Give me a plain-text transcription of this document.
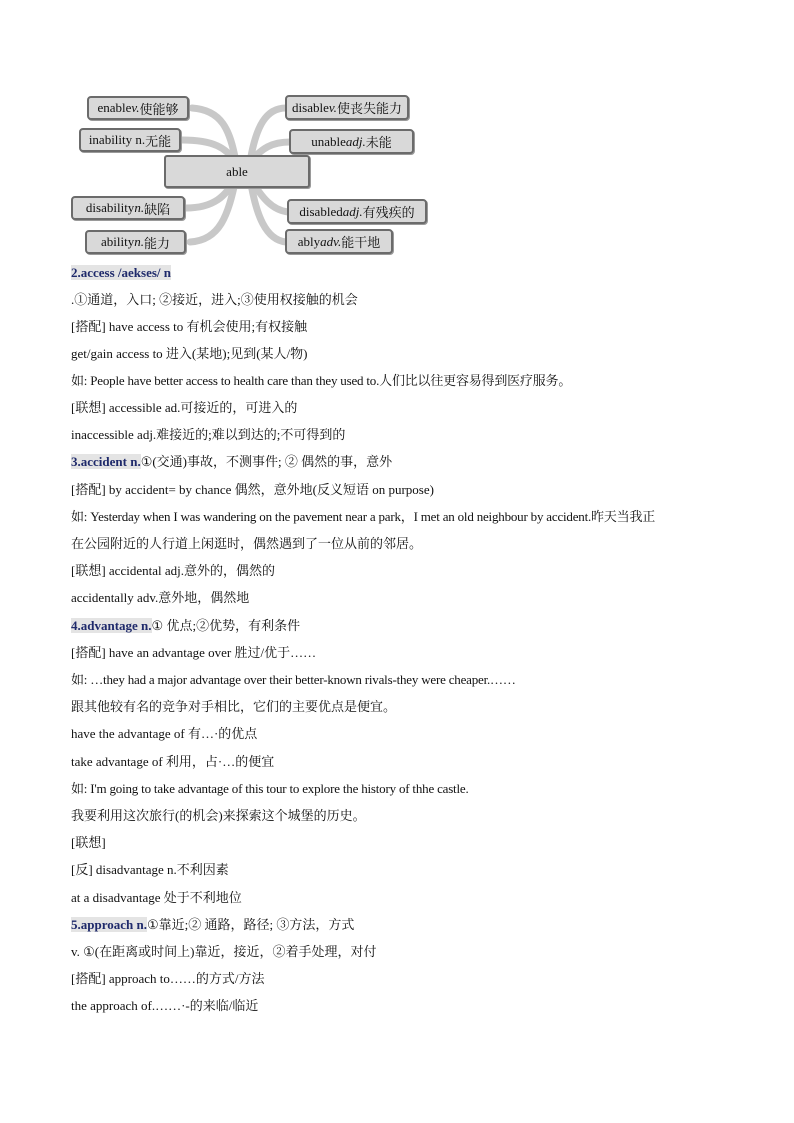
enable v. 使能够
inability n. 无能
able
disability n. 缺陷
ability n. 能力
disable v. 使丧失能力
unable adj. 未能
disabled adj. 有残疾的
ably adv. 能干地
2.access /aekses/ n
.①通道，入口; ②接近，进入;③使用权接触的机会
[搭配] have access to 有机会使用;有权接触
get/gain access to 进入(某地);见到(某人/物)
如: People have better access to health care than they used to.人们比以往更容易得到医疗服务。
[联想] accessible ad.可接近的，可进入的
inaccessible adj.难接近的;难以到达的;不可得到的
3.accident n.①(交通)事故，不测事件; ② 偶然的事，意外
[搭配] by accident= by chance 偶然，意外地(反义短语 on purpose)
如: Yesterday when I was wandering on the pavement near a park，I met an old neighbour by accident.昨天当我正
在公园附近的人行道上闲逛时，偶然遇到了一位从前的邻居。
[联想] accidental adj.意外的，偶然的
accidentally adv.意外地，偶然地
4.advantage n.① 优点;②优势，有利条件
[搭配] have an advantage over 胜过/优于……
如: …they had a major advantage over their better-known rivals-they were cheaper.……
跟其他较有名的竞争对手相比，它们的主要优点是便宜。
have the advantage of 有…·的优点
take advantage of 利用，占·…的便宜
如: I'm going to take advantage of this tour to explore the history of thhe castle.
我要利用这次旅行(的机会)来探索这个城堡的历史。
[联想]
[反] disadvantage n.不利因素
at a disadvantage 处于不利地位
5.approach n.①靠近;② 通路，路径; ③方法，方式
v. ①(在距离或时间上)靠近，接近，②着手处理，对付
[搭配] approach to……的方式/方法
the approach of.……·-的来临/临近
